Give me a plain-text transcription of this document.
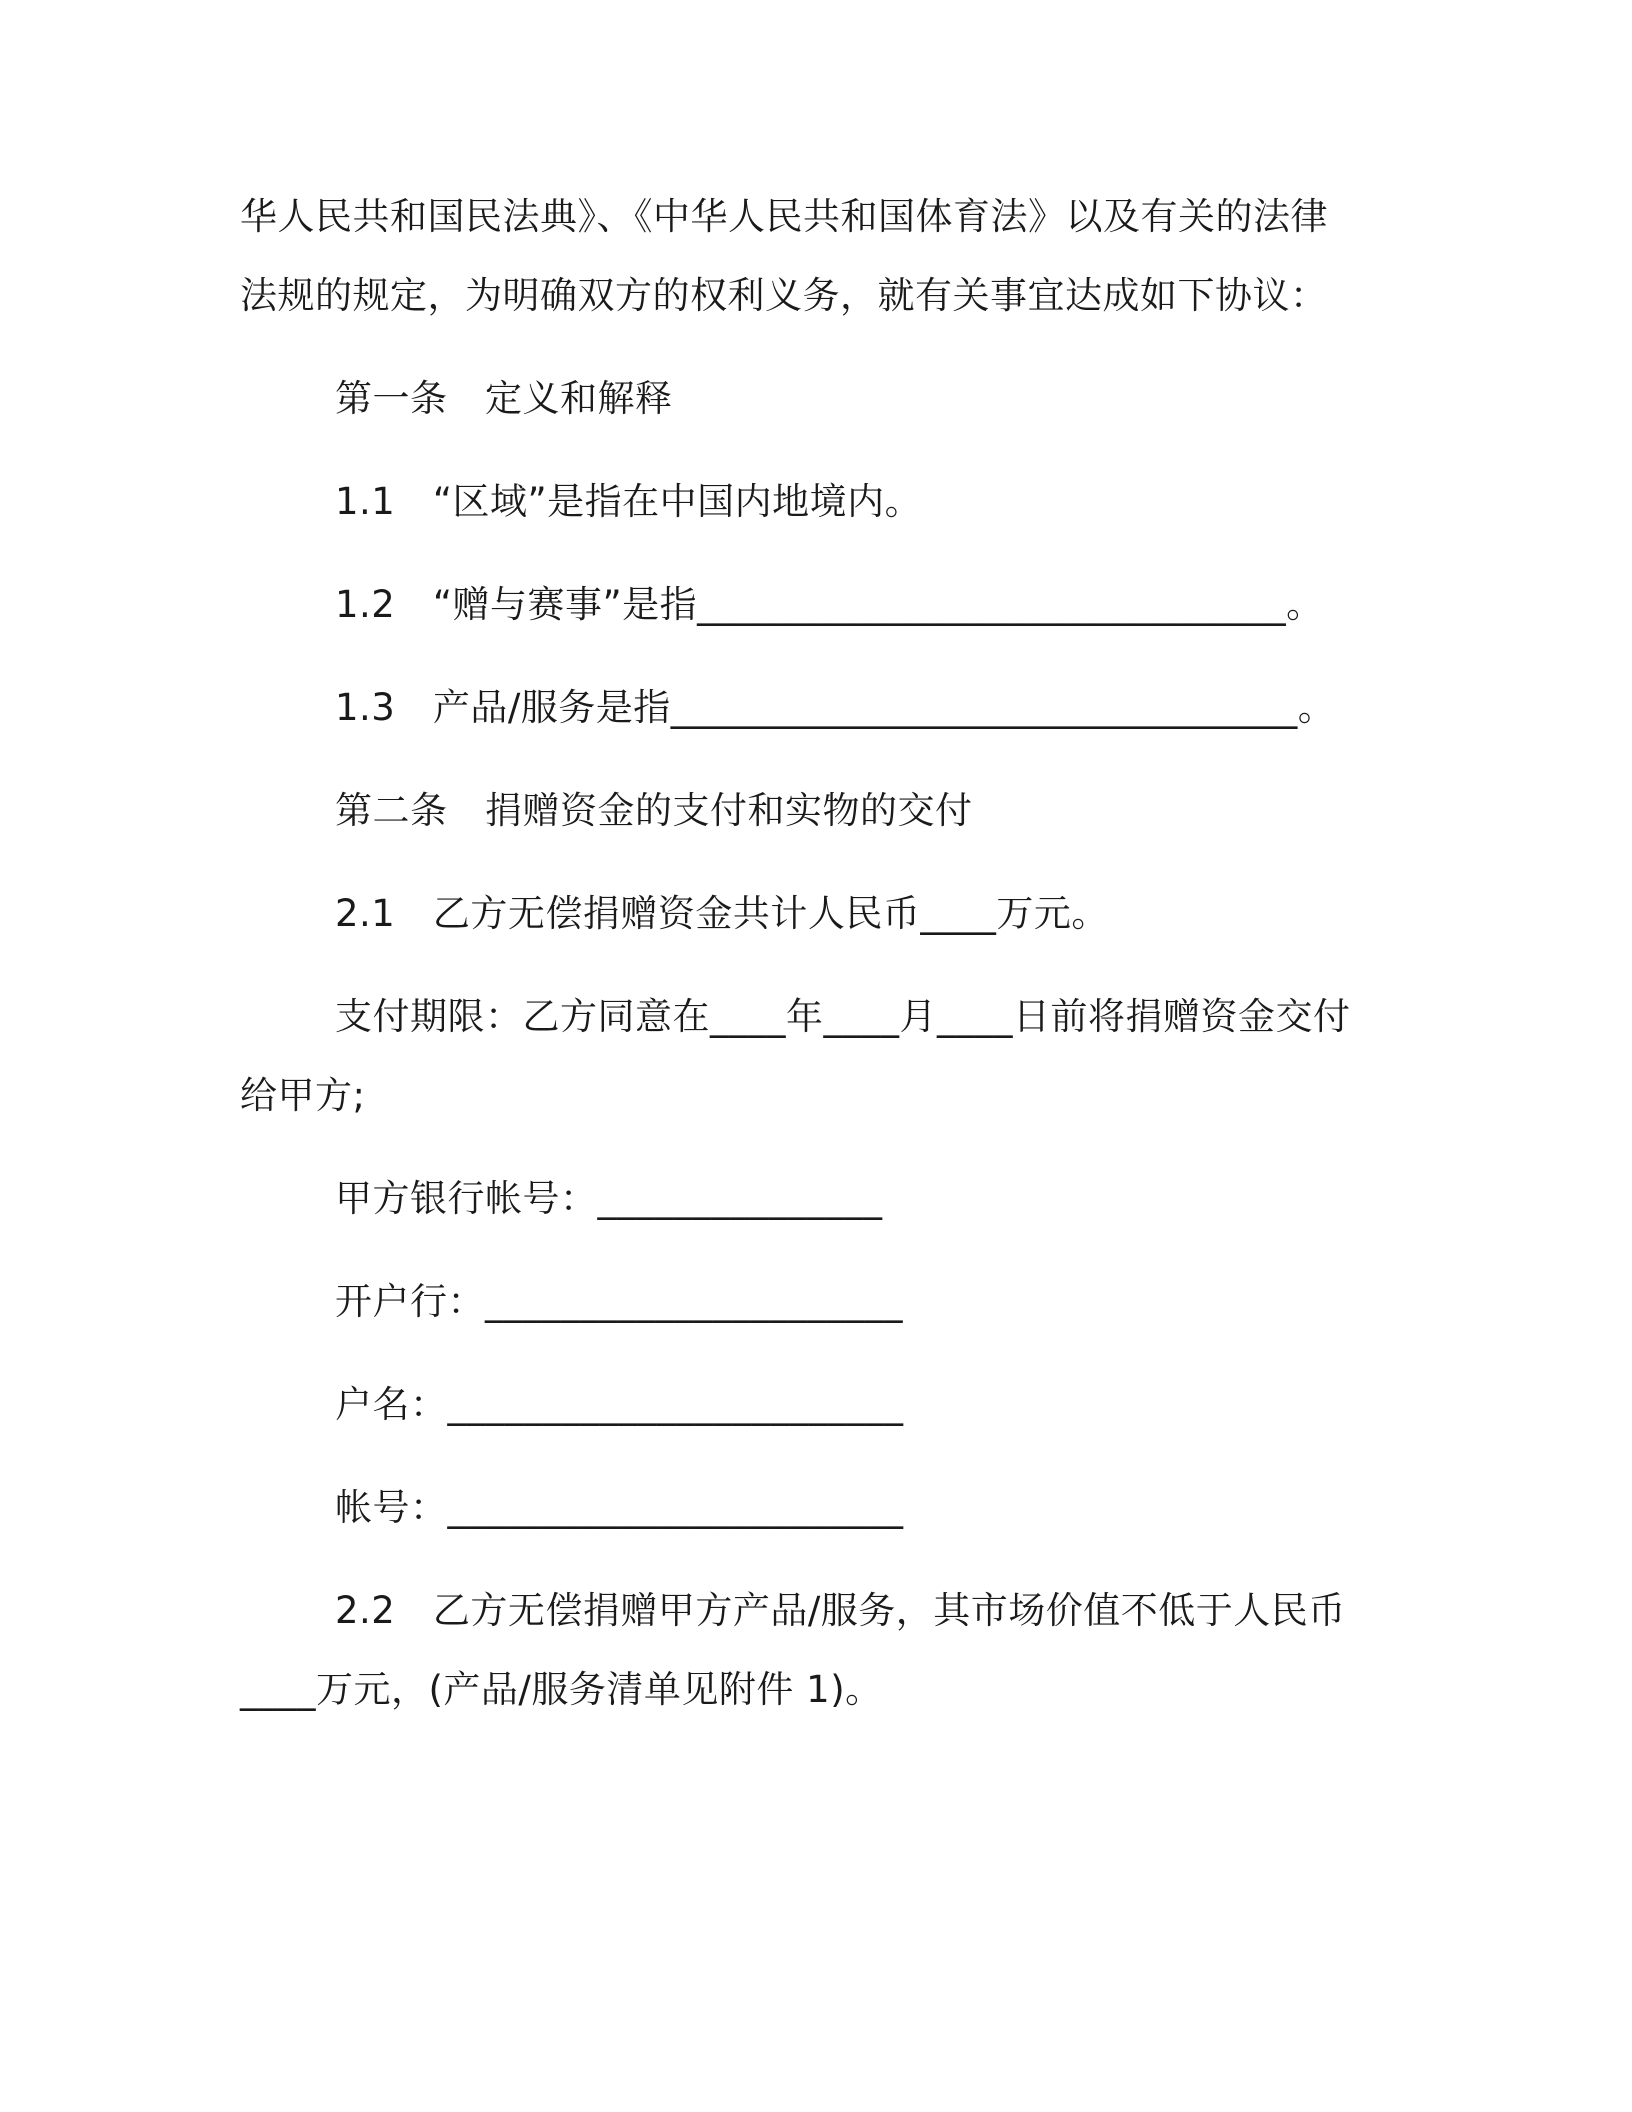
华人民共和国民法典》、《中华人民共和国体育法》以及有关的法律
法规的规定，为明确双方的权利义务，就有关事宜达成如下协议：
第一条　定义和解释
1.1　“区域”是指在中国内地境内。
1.2　“赠与赛事”是指_______________________________。
1.3　产品/服务是指_________________________________。
第二条　捐赠资金的支付和实物的交付
2.1　乙方无偿捐赠资金共计人民币____万元。
支付期限：乙方同意在____年____月____日前将捐赠资金交付
给甲方;
甲方银行帐号：_______________
开户行：______________________
户名：________________________
帐号：________________________
2.2　乙方无偿捐赠甲方产品/服务，其市场价值不低于人民币
____万元，(产品/服务清单见附件 1)。
